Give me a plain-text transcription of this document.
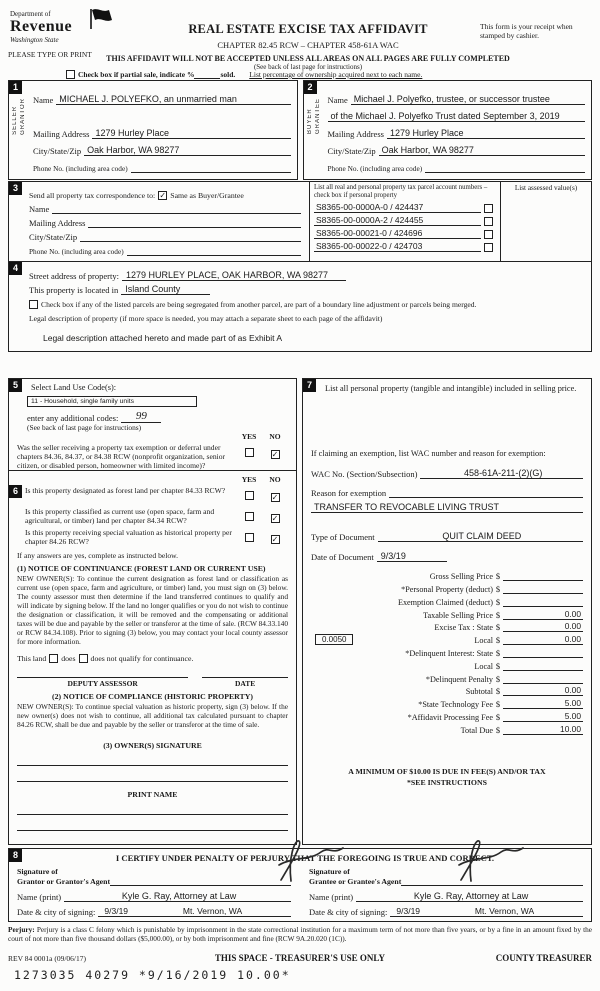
Department of
Revenue
Washington State
REAL ESTATE EXCISE TAX AFFIDAVIT
CHAPTER 82.45 RCW – CHAPTER 458-61A WAC
This form is your receipt when stamped by cashier.
PLEASE TYPE OR PRINT	THIS AFFIDAVIT WILL NOT BE ACCEPTED UNLESS ALL AREAS ON ALL PAGES ARE FULLY COMPLETED
(See back of last page for instructions)
Check box if partial sale, indicate %	sold. List percentage of ownership acquired next to each name.
1
SELLER GRANTOR Name MICHAEL J. POLYEFKO, an unmarried man
Mailing Address 1279 Hurley Place
City/State/Zip Oak Harbor, WA 98277
Phone No. (including area code)
2
BUYER GRANTEE Name Michael J. Polyefko, trustee, or successor trustee
of the Michael J. Polyefko Trust dated September 3, 2019
Mailing Address 1279 Hurley Place
City/State/Zip Oak Harbor, WA 98277
Phone No. (including area code)
3
Send all property tax correspondence to: ✓ Same as Buyer/Grantee
Name
Mailing Address
City/State/Zip
Phone No. (including area code)
List all real and personal property tax parcel account numbers – check box if personal property
S8365-00-0000A-0 / 424437
S8365-00-0000A-2 / 424455
S8365-00-00021-0 / 424696
S8365-00-00022-0 / 424703
List assessed value(s)
4
Street address of property: 1279 HURLEY PLACE, OAK HARBOR, WA 98277
This property is located in Island County
Check box if any of the listed parcels are being segregated from another parcel, are part of a boundary line adjustment or parcels being merged.
Legal description of property (if more space is needed, you may attach a separate sheet to each page of the affidavit)
Legal description attached hereto and made part of as Exhibit A
5	Select Land Use Code(s):
11 - Household, single family units
enter any additional codes:	99
(See back of last page for instructions)
YES	NO
Was the seller receiving a property tax exemption or deferral under chapters 84.36, 84.37, or 84.38 RCW (nonprofit organization, senior citizen, or disabled person, homeowner with limited income)?
✓
6
YES	NO
Is this property designated as forest land per chapter 84.33 RCW?
✓
Is this property classified as current use (open space, farm and agricultural, or timber) land per chapter 84.34 RCW?	✓
Is this property receiving special valuation as historical property per chapter 84.26 RCW?	✓
If any answers are yes, complete as instructed below.
(1) NOTICE OF CONTINUANCE (FOREST LAND OR CURRENT USE)
NEW OWNER(S): To continue the current designation as forest land or classification as current use (open space, farm and agriculture, or timber) land, you must sign on (3) below. The county assessor must then determine if the land transferred continues to qualify and will indicate by signing below. If the land no longer qualifies or you do not wish to continue the designation or classification, it will be removed and the compensating or additional taxes will be due and payable by the seller or transferor at the time of sale. (RCW 84.33.140 or RCW 84.34.108). Prior to signing (3) below, you may contact your local county assessor for more information.
This land does does not qualify for continuance.
DEPUTY ASSESSOR	DATE
(2) NOTICE OF COMPLIANCE (HISTORIC PROPERTY)
NEW OWNER(S): To continue special valuation as historic property, sign (3) below. If the new owner(s) does not wish to continue, all additional tax calculated pursuant to chapter 84.26 RCW, shall be due and payable by the seller or transferor at the time of sale.
(3) OWNER(S) SIGNATURE
PRINT NAME
7	List all personal property (tangible and intangible) included in selling price.
If claiming an exemption, list WAC number and reason for exemption:
WAC No. (Section/Subsection)	458-61A-211-(2)(G)
Reason for exemption
TRANSFER TO REVOCABLE LIVING TRUST
Type of Document	QUIT CLAIM DEED
Date of Document 9/3/19
Gross Selling Price $
*Personal Property (deduct) $
Exemption Claimed (deduct) $
Taxable Selling Price $	0.00
Excise Tax : State $	0.00
0.0050	Local $	0.00
*Delinquent Interest: State $
Local $
*Delinquent Penalty $
Subtotal $	0.00
*State Technology Fee $	5.00
*Affidavit Processing Fee $	5.00
Total Due $	10.00
A MINIMUM OF $10.00 IS DUE IN FEE(S) AND/OR TAX
*SEE INSTRUCTIONS
8	I CERTIFY UNDER PENALTY OF PERJURY THAT THE FOREGOING IS TRUE AND CORRECT.
Signature of
Grantor or Grantor's Agent
Name (print)	Kyle G. Ray, Attorney at Law
Date & city of signing:	9/3/19	Mt. Vernon, WA
Signature of
Grantee or Grantee's Agent
Name (print)	Kyle G. Ray, Attorney at Law
Date & city of signing:	9/3/19	Mt. Vernon, WA
Perjury: Perjury is a class C felony which is punishable by imprisonment in the state correctional institution for a maximum term of not more than five years, or by a fine in an amount fixed by the court of not more than five thousand dollars ($5,000.00), or by both imprisonment and fine (RCW 9A.20.020 (1C)).
REV 84 0001a (09/06/17)	THIS SPACE - TREASURER'S USE ONLY	COUNTY TREASURER
1273035 40279 *9/16/2019 10.00*
